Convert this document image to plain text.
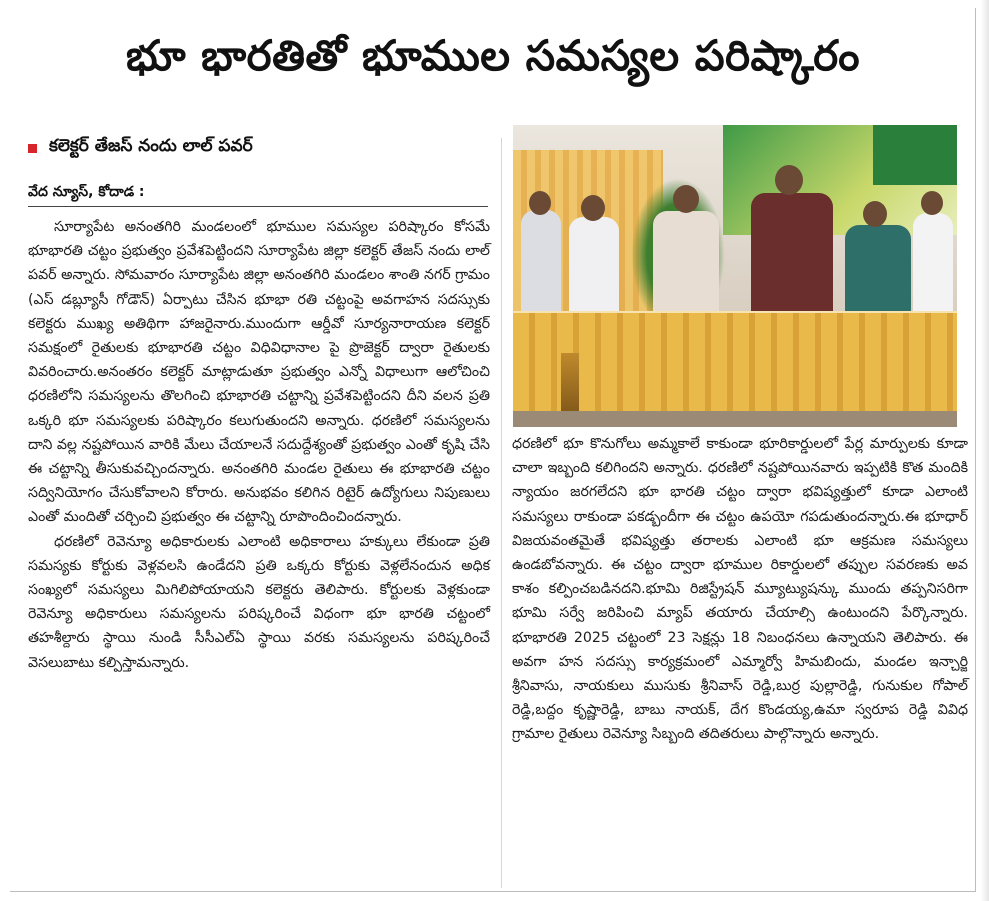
భూ భారతితో భూముల సమస్యల పరిష్కారం
కలెక్టర్ తేజస్ నందు లాల్ పవర్
వేద న్యూస్, కోదాడ :

సూర్యాపేట అనంతగిరి మండలంలో భూముల సమస్యల పరిష్కారం కోసమే భూభారతి చట్టం ప్రభుత్వం ప్రవేశపెట్టిందని సూర్యాపేట జిల్లా కలెక్టర్ తేజస్ నందు లాల్ పవర్ అన్నారు. సోమవారం సూర్యాపేట జిల్లా అనంతగిరి మండలం శాంతి నగర్ గ్రామం (ఎస్ డబ్ల్యూసీ గోడౌన్) ఏర్పాటు చేసిన భూభా రతి చట్టంపై అవగాహన సదస్సుకు కలెక్టరు ముఖ్య అతిథిగా హాజరైనారు.ముందుగా ఆర్డీవో సూర్యనారాయణ కలెక్టర్ సమక్షంలో రైతులకు భూభారతి చట్టం విధివిధానాల పై ప్రొజెక్టర్ ద్వారా రైతులకు వివరించారు.అనంతరం కలెక్టర్ మాట్లాడుతూ ప్రభుత్వం ఎన్నో విధాలుగా ఆలోచించి ధరణిలోని సమస్యలను తొలగించి భూభారతి చట్టాన్ని ప్రవేశపెట్టిందని దీని వలన ప్రతి ఒక్కరి భూ సమస్యలకు పరిష్కారం కలుగుతుందని అన్నారు. ధరణిలో సమస్యలను దాని వల్ల నష్టపోయిన వారికి మేలు చేయాలనే సదుద్దేశ్యంతో ప్రభుత్వం ఎంతో కృషి చేసి ఈ చట్టాన్ని తీసుకువచ్చిందన్నారు. అనంతగిరి మండల రైతులు ఈ భూభారతి చట్టం సద్వినియోగం చేసుకోవాలని కోరారు. అనుభవం కలిగిన రిటైర్ ఉద్యోగులు నిపుణులు ఎంతో మందితో చర్చించి ప్రభుత్వం ఈ చట్టాన్ని రూపొందించిందన్నారు.

ధరణిలో రెవెన్యూ అధికారులకు ఎలాంటి అధికారాలు హక్కులు లేకుండా ప్రతి సమస్యకు కోర్టుకు వెళ్లవలసి ఉండేదని ప్రతి ఒక్కరు కోర్టుకు వెళ్లలేనందున అధిక సంఖ్యలో సమస్యలు మిగిలిపోయాయని కలెక్టరు తెలిపారు. కోర్టులకు వెళ్లకుండా రెవెన్యూ అధికారులు సమస్యలను పరిష్కరించే విధంగా భూ భారతి చట్టంలో తహశీల్దారు స్థాయి నుండి సీసీఎల్ఏ స్థాయి వరకు సమస్యలను పరిష్కరించే వెసలుబాటు కల్పిస్తామన్నారు.

ధరణిలో భూ కొనుగోలు అమ్మకాలే కాకుండా భూరికార్డులలో పేర్ల మార్పులకు కూడా చాలా ఇబ్బంది కలిగిందని అన్నారు. ధరణిలో నష్టపోయినవారు ఇప్పటికి కొత మందికి న్యాయం జరగలేదని భూ భారతి చట్టం ద్వారా భవిష్యత్తులో కూడా ఎలాంటి సమస్యలు రాకుండా పకడ్బందీగా ఈ చట్టం ఉపయో గపడుతుందన్నారు.ఈ భూధార్ విజయవంతమైతే భవిష్యత్తు తరాలకు ఎలాంటి భూ ఆక్రమణ సమస్యలు ఉండబోవన్నారు. ఈ చట్టం ద్వారా భూముల రికార్డులలో తప్పుల సవరణకు అవ కాశం కల్పించబడినదని.భూమి రిజిస్ట్రేషన్ మ్యూట్యుషన్కు ముందు తప్పనిసరిగా భూమి సర్వే జరిపించి మ్యాప్ తయారు చేయాల్సి ఉంటుందని పేర్కొన్నారు. భూభారతి 2025 చట్టంలో 23 సెక్షన్లు 18 నిబంధనలు ఉన్నాయని తెలిపారు. ఈ అవగా హన సదస్సు కార్యక్రమంలో ఎమ్మార్వో హిమబిందు, మండల ఇన్చార్జి శ్రీనివాసు, నాయకులు ముసుకు శ్రీనివాస్ రెడ్డి,బుర్ర పుల్లారెడ్డి, గునుకుల గోపాల్ రెడ్డి,బద్దం కృష్ణారెడ్డి, బాబు నాయక్, దేగ కొండయ్య,ఉమా స్వరూప రెడ్డి వివిధ గ్రామాల రైతులు రెవెన్యూ సిబ్బంది తదితరులు పాల్గొన్నారు అన్నారు.
